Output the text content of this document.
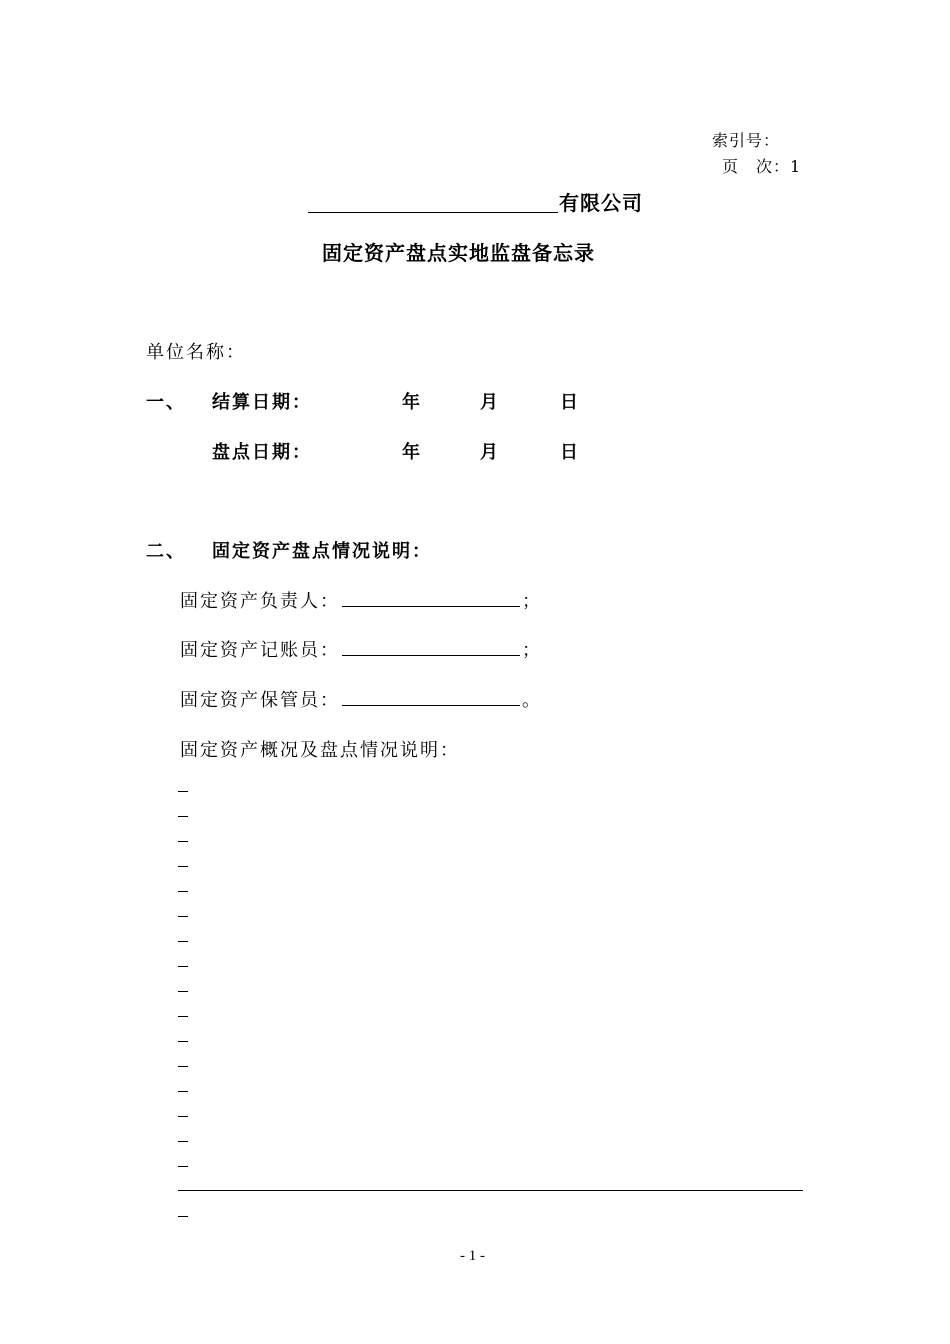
索引号：
页　次：1
有限公司
固定资产盘点实地监盘备忘录
单位名称：
一、 结算日期：	年	月	日
盘点日期：	年	月	日
二、 固定资产盘点情况说明：
固定资产负责人：	；
固定资产记账员：	；
固定资产保管员：	。
固定资产概况及盘点情况说明：
- 1 -
